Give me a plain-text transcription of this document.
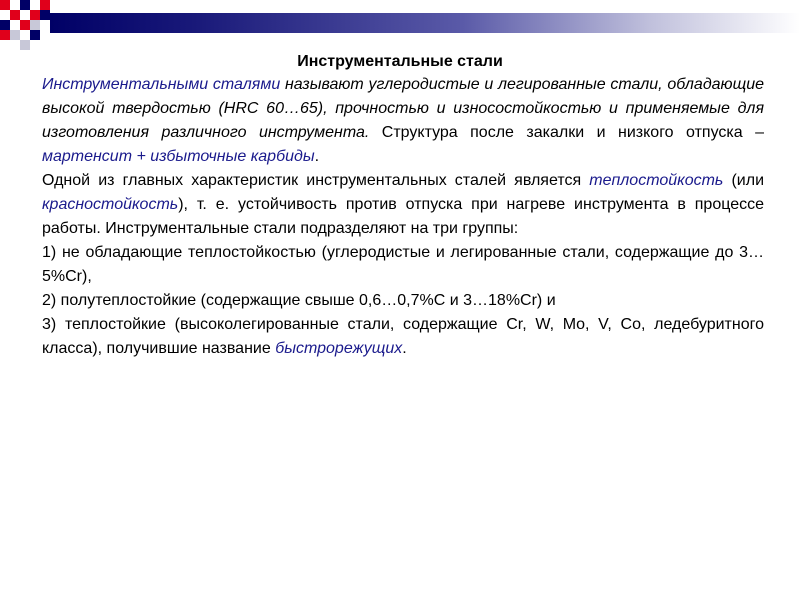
Инструментальные стали

Инструментальными сталями называют углеродистые и легированные стали, обладающие высокой твердостью (HRC 60…65), прочностью и износостойкостью и применяемые для изготовления различного инструмента. Структура после закалки и низкого отпуска – мартенсит + избыточные карбиды.

Одной из главных характеристик инструментальных сталей является теплостойкость (или красностойкость), т. е. устойчивость против отпуска при нагреве инструмента в процессе работы. Инструментальные стали подразделяют на три группы:

1) не обладающие теплостойкостью (углеродистые и легированные стали, содержащие до 3…5%Cr),

2) полутеплостойкие (содержащие свыше 0,6…0,7%С и 3…18%Cr) и

3) теплостойкие (высоколегированные стали, содержащие Cr, W, Mo, V, Co, ледебуритного класса), получившие название быстрорежущих.
